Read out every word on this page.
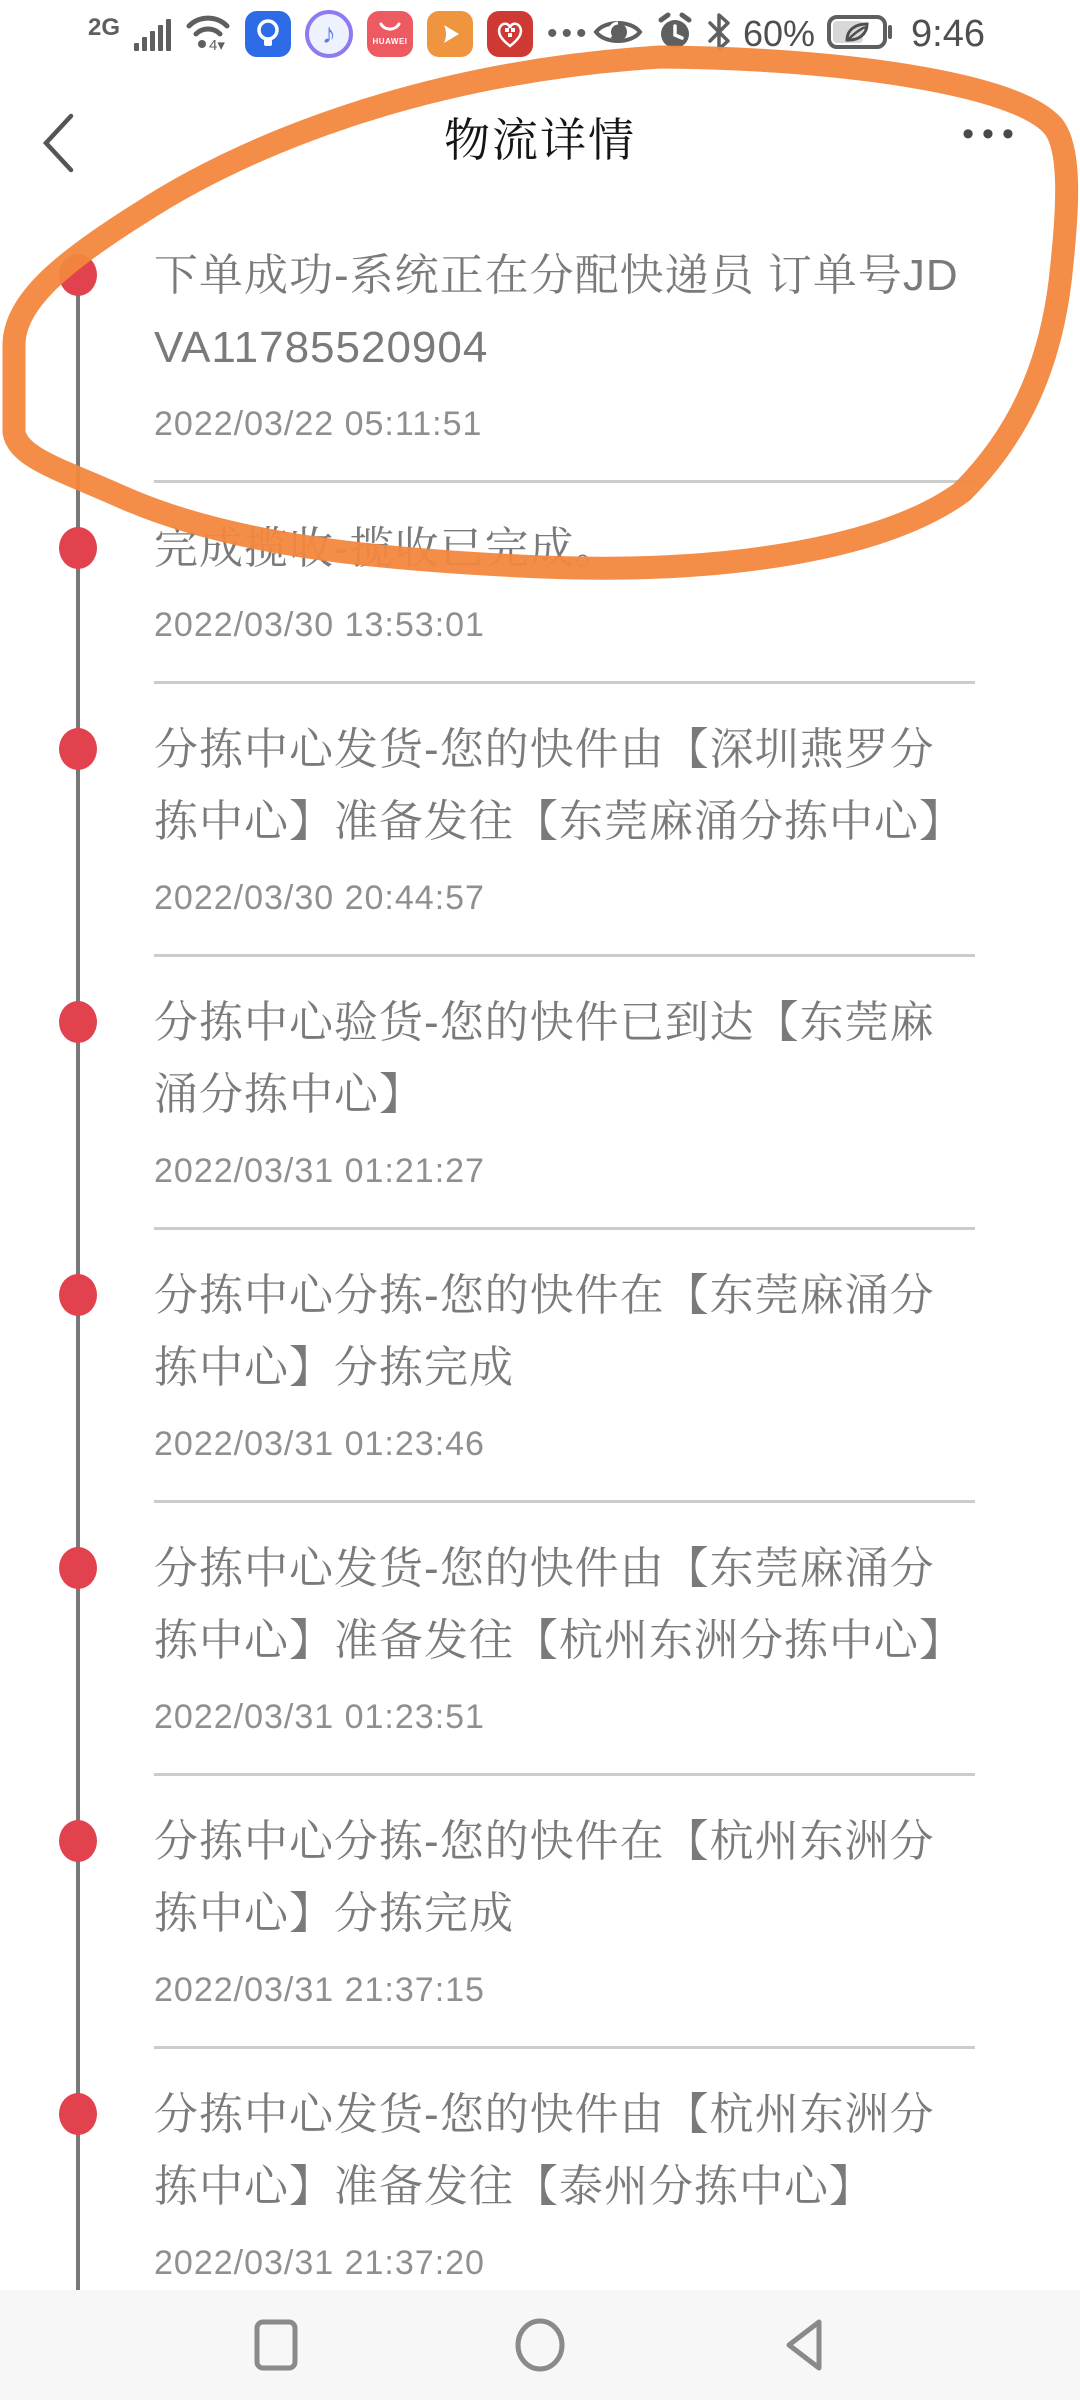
2G
4▾	♪	HUAWEI	•••	60%	9:46
物流详情	•••
下单成功-系统正在分配快递员 订单号JDVA11785520904
2022/03/22 05:11:51
完成揽收-揽收已完成。
2022/03/30 13:53:01
分拣中心发货-您的快件由【深圳燕罗分拣中心】准备发往【东莞麻涌分拣中心】
2022/03/30 20:44:57
分拣中心验货-您的快件已到达【东莞麻涌分拣中心】
2022/03/31 01:21:27
分拣中心分拣-您的快件在【东莞麻涌分拣中心】分拣完成
2022/03/31 01:23:46
分拣中心发货-您的快件由【东莞麻涌分拣中心】准备发往【杭州东洲分拣中心】
2022/03/31 01:23:51
分拣中心分拣-您的快件在【杭州东洲分拣中心】分拣完成
2022/03/31 21:37:15
分拣中心发货-您的快件由【杭州东洲分拣中心】准备发往【泰州分拣中心】
2022/03/31 21:37:20
